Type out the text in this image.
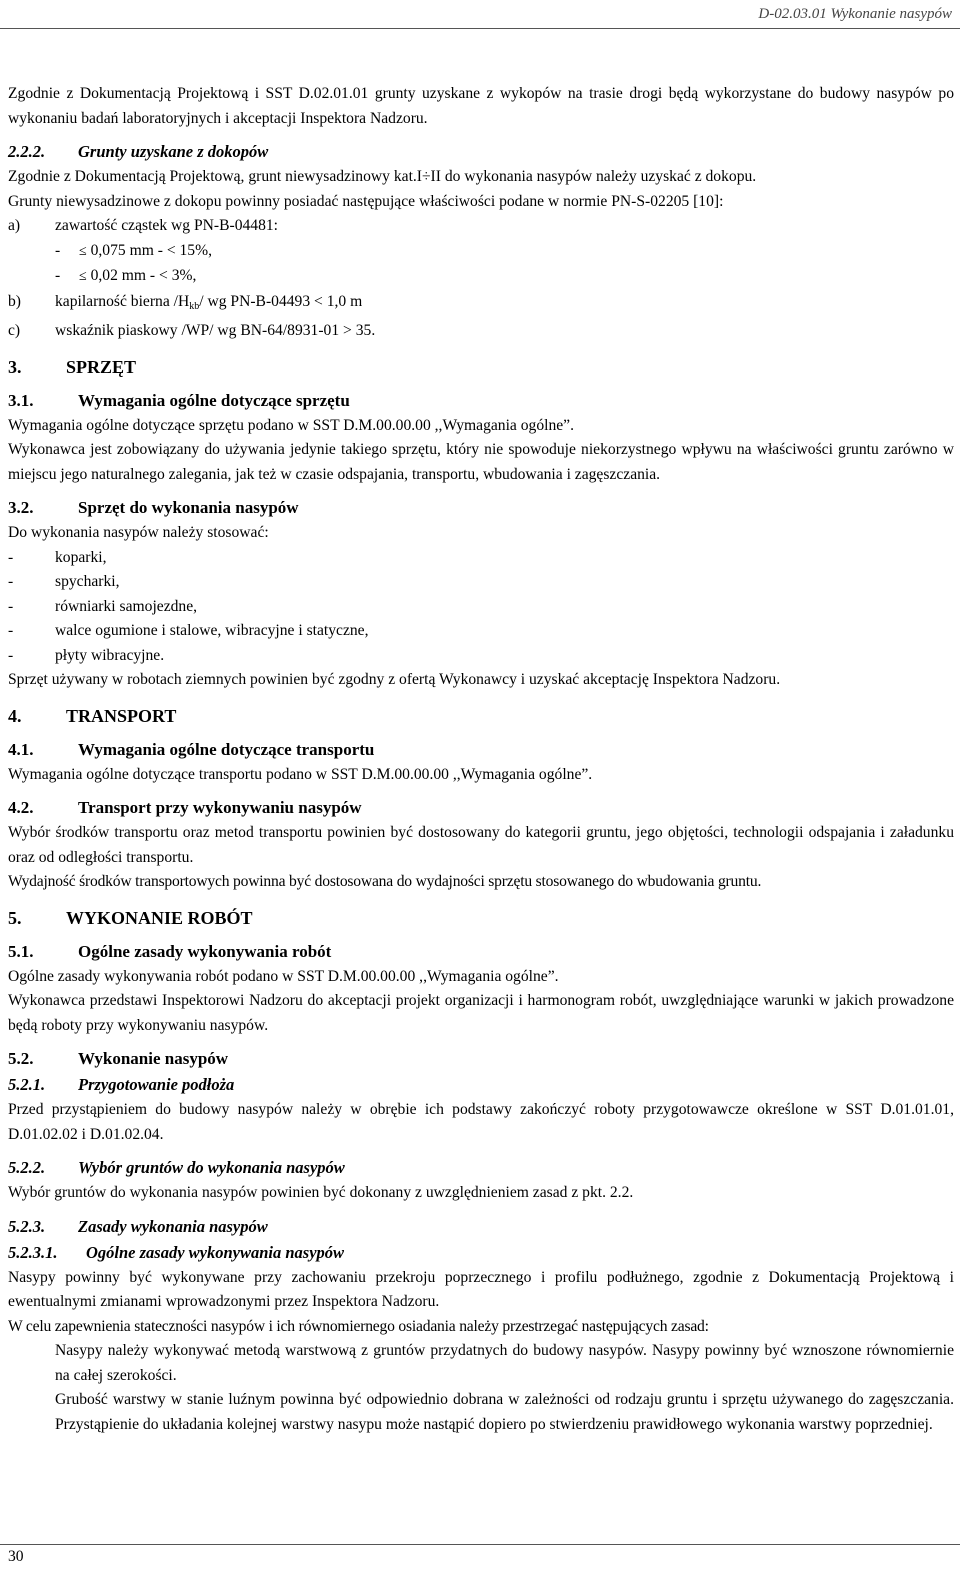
D-02.03.01 Wykonanie nasypów

Zgodnie z Dokumentacją Projektową i SST D.02.01.01 grunty uzyskane z wykopów na trasie drogi będą wykorzystane do budowy nasypów po wykonaniu badań laboratoryjnych i akceptacji Inspektora Nadzoru.

2.2.2. Grunty uzyskane z dokopów

Zgodnie z Dokumentacją Projektową, grunt niewysadzinowy kat.I÷II do wykonania nasypów należy uzyskać z dokopu.

Grunty niewysadzinowe z dokopu powinny posiadać następujące właściwości podane w normie PN-S-02205 [10]:

a) zawartość cząstek wg PN-B-04481:

- ≤ 0,075 mm - < 15%,

- ≤ 0,02 mm - < 3%,

b) kapilarność bierna /Hkb/ wg PN-B-04493 < 1,0 m

c) wskaźnik piaskowy /WP/ wg BN-64/8931-01 > 35.

3. SPRZĘT
3.1.	Wymagania ogólne dotyczące sprzętu

Wymagania ogólne dotyczące sprzętu podano w SST D.M.00.00.00 ,,Wymagania ogólne”.

Wykonawca jest zobowiązany do używania jedynie takiego sprzętu, który nie spowoduje niekorzystnego wpływu na właściwości gruntu zarówno w miejscu jego naturalnego zalegania, jak też w czasie odspajania, transportu, wbudowania i zagęszczania.

3.2.	Sprzęt do wykonania nasypów

Do wykonania nasypów należy stosować:

-	koparki,

-	spycharki,

-	równiarki samojezdne,

-	walce ogumione i stalowe, wibracyjne i statyczne,

-	płyty wibracyjne.

Sprzęt używany w robotach ziemnych powinien być zgodny z ofertą Wykonawcy i uzyskać akceptację Inspektora Nadzoru.

4. TRANSPORT
4.1.	Wymagania ogólne dotyczące transportu

Wymagania ogólne dotyczące transportu podano w SST D.M.00.00.00 ,,Wymagania ogólne”.

4.2.	Transport przy wykonywaniu nasypów

Wybór środków transportu oraz metod transportu powinien być dostosowany do kategorii gruntu, jego objętości, technologii odspajania i załadunku oraz od odległości transportu.

Wydajność środków transportowych powinna być dostosowana do wydajności sprzętu stosowanego do wbudowania gruntu.

5. WYKONANIE ROBÓT
5.1.	Ogólne zasady wykonywania robót

Ogólne zasady wykonywania robót podano w SST D.M.00.00.00 ,,Wymagania ogólne”.

Wykonawca przedstawi Inspektorowi Nadzoru do akceptacji projekt organizacji i harmonogram robót, uwzględniające warunki w jakich prowadzone będą roboty przy wykonywaniu nasypów.

5.2.	Wykonanie nasypów
5.2.1. Przygotowanie podłoża

Przed przystąpieniem do budowy nasypów należy w obrębie ich podstawy zakończyć roboty przygotowawcze określone w SST D.01.01.01, D.01.02.02 i D.01.02.04.

5.2.2. Wybór gruntów do wykonania nasypów

Wybór gruntów do wykonania nasypów powinien być dokonany z uwzględnieniem zasad z pkt. 2.2.

5.2.3. Zasady wykonania nasypów
5.2.3.1. Ogólne zasady wykonywania nasypów

Nasypy powinny być wykonywane przy zachowaniu przekroju poprzecznego i profilu podłużnego, zgodnie z Dokumentacją Projektową i ewentualnymi zmianami wprowadzonymi przez Inspektora Nadzoru.

W celu zapewnienia stateczności nasypów i ich równomiernego osiadania należy przestrzegać następujących zasad:

Nasypy należy wykonywać metodą warstwową z gruntów przydatnych do budowy nasypów. Nasypy powinny być wznoszone równomiernie na całej szerokości.

Grubość warstwy w stanie luźnym powinna być odpowiednio dobrana w zależności od rodzaju gruntu i sprzętu używanego do zagęszczania. Przystąpienie do układania kolejnej warstwy nasypu może nastąpić dopiero po stwierdzeniu prawidłowego wykonania warstwy poprzedniej.

30
